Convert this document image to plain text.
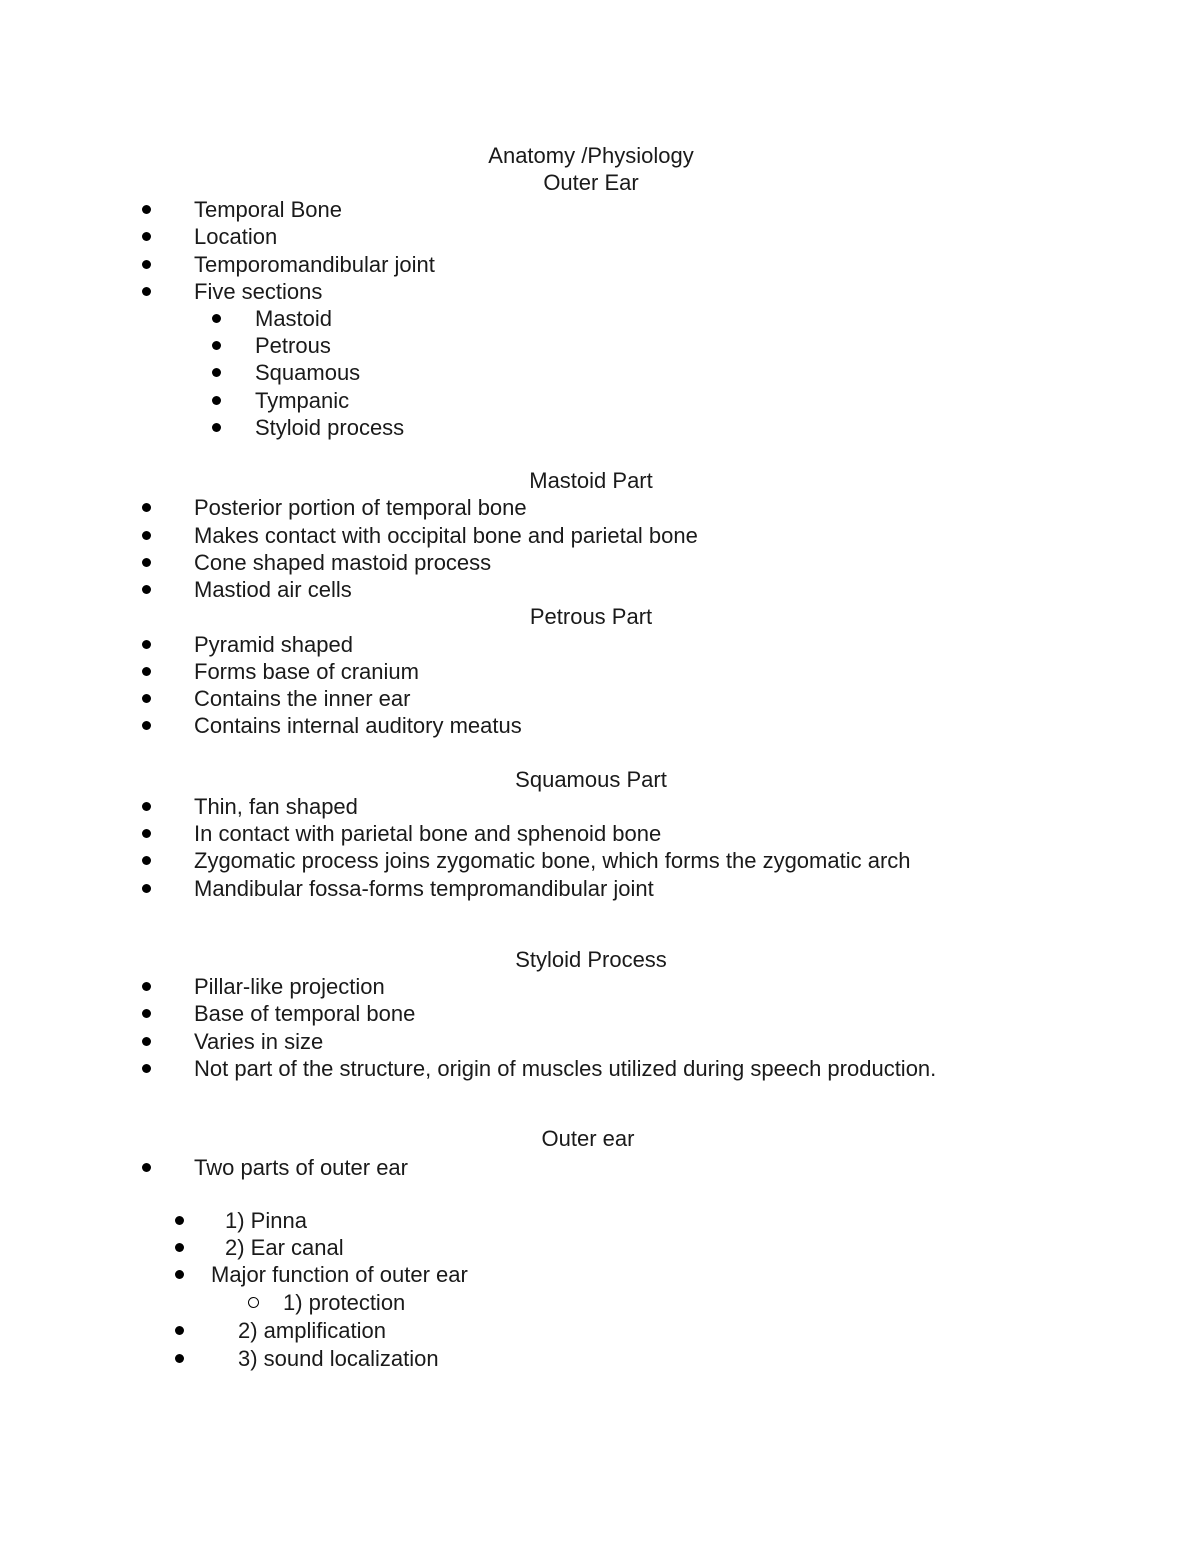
Anatomy /Physiology
Outer Ear
Temporal Bone
Location
Temporomandibular joint
Five sections
Mastoid
Petrous
Squamous
Tympanic
Styloid process
Mastoid Part
Posterior portion of temporal bone
Makes contact with occipital bone and parietal bone
Cone shaped mastoid process
Mastiod air cells
Petrous Part
Pyramid shaped
Forms base of cranium
Contains the inner ear
Contains internal auditory meatus
Squamous Part
Thin, fan shaped
In contact with parietal bone and sphenoid bone
Zygomatic process joins zygomatic bone, which forms the zygomatic arch
Mandibular fossa-forms tempromandibular joint
Styloid Process
Pillar-like projection
Base of temporal bone
Varies in size
Not part of the structure, origin of muscles utilized during speech production.
Outer ear
Two parts of outer ear
1) Pinna
2) Ear canal
Major function of outer ear
1) protection
2) amplification
3) sound localization
